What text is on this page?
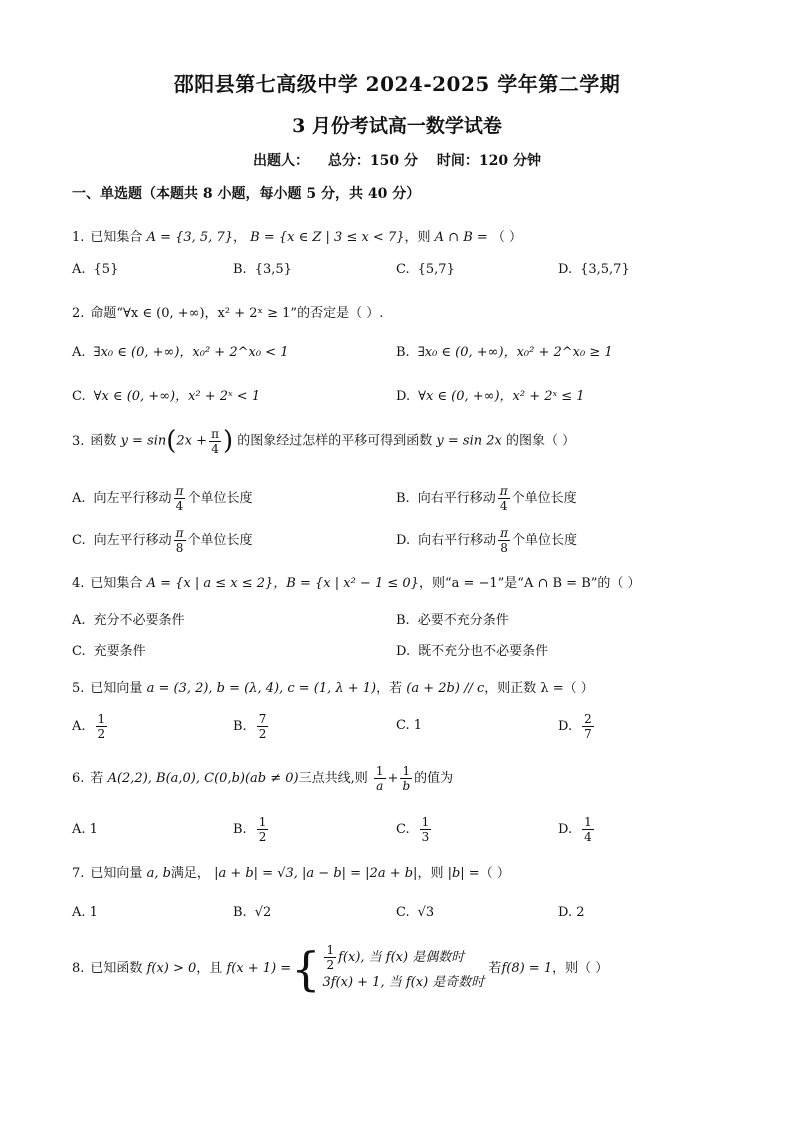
邵阳县第七高级中学 2024-2025 学年第二学期
3 月份考试高一数学试卷
出题人： 总分：150 分 时间：120 分钟
一、单选题（本题共 8 小题，每小题 5 分，共 40 分）
1. 已知集合 A = {3, 5, 7}， B = {x ∈ Z | 3 ≤ x < 7}，则 A ∩ B = （ ）
A. {5}	B. {3,5}	C. {5,7}	D. {3,5,7}
2. 命题“∀x ∈ (0, +∞)，x² + 2ˣ ≥ 1”的否定是（ ）.
A. ∃x₀ ∈ (0, +∞)，x₀² + 2^x₀ < 1	B. ∃x₀ ∈ (0, +∞)，x₀² + 2^x₀ ≥ 1
C. ∀x ∈ (0, +∞)，x² + 2ˣ < 1	D. ∀x ∈ (0, +∞)，x² + 2ˣ ≤ 1
3. 函数 $y = \sin(2x + \frac{\pi}{4}$ ) 的图象经过怎样的平移可得到函数 y = sin 2x 的图象（ ）
A. 向左平行移动 $\frac{\pi}{4}$ 个单位长度	B. 向右平行移动 $\frac{\pi}{4}$ 个单位长度
C. 向左平行移动 $\frac{\pi}{8}$ 个单位长度	D. 向右平行移动 $\frac{\pi}{8}$ 个单位长度
4. 已知集合 A = {x | a ≤ x ≤ 2}，B = {x | x² − 1 ≤ 0}，则“a = −1”是“A ∩ B = B”的（ ）
A. 充分不必要条件	B. 必要不充分条件
C. 充要条件	D. 既不充分也不必要条件
5. 已知向量 a = (3, 2), b = (λ, 4), c = (1, λ + 1)，若 (a + 2b) // c，则正数 λ =（ ）
A. $\frac{1}{2}$	B. $\frac{7}{2}$	C. 1	D. $\frac{2}{7}$
6. 若 A(2,2), B(a,0), C(0,b)(ab ≠ 0)三点共线,则 $\frac{1}{a} + \frac{1}{b}$ 的值为
A. 1	B. $\frac{1}{2}$	C. $\frac{1}{3}$	D. $\frac{1}{4}$
7. 已知向量 a, b满足， |a + b| = √3, |a − b| = |2a + b|，则 |b| =（ ）
A. 1	B. √2	C. √3	D. 2
8. 已知函数 f(x) > 0，且 f(x + 1) ={ $\frac{1}{2} f(x)$, 当 f(x) 是偶数时
3f(x) + 1, 当 f(x) 是奇数时
若f(8) = 1，则（ ）
